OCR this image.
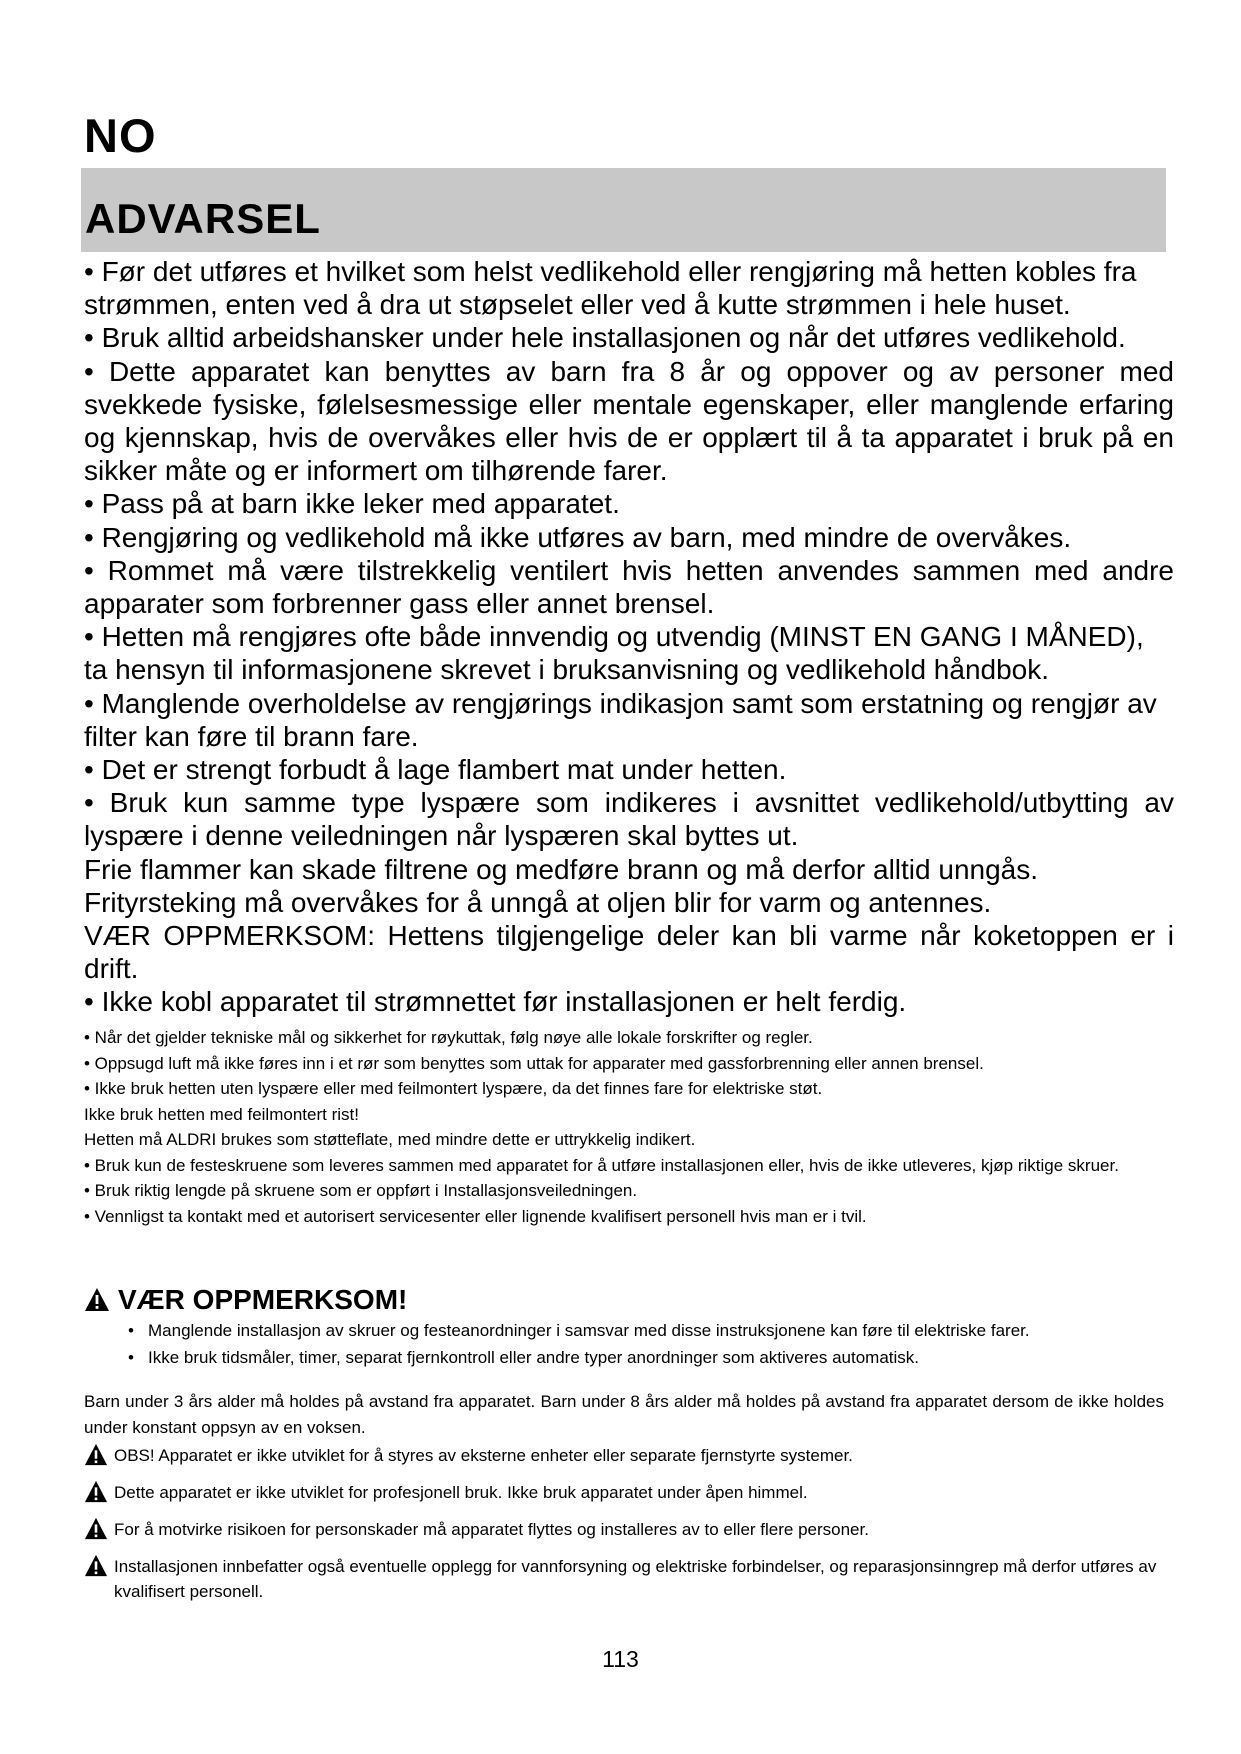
NO
ADVARSEL

• Før det utføres et hvilket som helst vedlikehold eller rengjøring må hetten kobles fra strømmen, enten ved å dra ut støpselet eller ved å kutte strømmen i hele huset.

• Bruk alltid arbeidshansker under hele installasjonen og når det utføres vedlikehold.

• Dette apparatet kan benyttes av barn fra 8 år og oppover og av personer med svekkede fysiske, følelsesmessige eller mentale egenskaper, eller manglende erfaring og kjennskap, hvis de overvåkes eller hvis de er opplært til å ta apparatet i bruk på en sikker måte og er informert om tilhørende farer.

• Pass på at barn ikke leker med apparatet.

• Rengjøring og vedlikehold må ikke utføres av barn, med mindre de overvåkes.

• Rommet må være tilstrekkelig ventilert hvis hetten anvendes sammen med andre apparater som forbrenner gass eller annet brensel.

• Hetten må rengjøres ofte både innvendig og utvendig (MINST EN GANG I MÅNED), ta hensyn til informasjonene skrevet i bruksanvisning og vedlikehold håndbok.

• Manglende overholdelse av rengjørings indikasjon samt som erstatning og rengjør av filter kan føre til brann fare.

• Det er strengt forbudt å lage flambert mat under hetten.

• Bruk kun samme type lyspære som indikeres i avsnittet vedlikehold/utbytting av lyspære i denne veiledningen når lyspæren skal byttes ut.

Frie flammer kan skade filtrene og medføre brann og må derfor alltid unngås.

Frityrsteking må overvåkes for å unngå at oljen blir for varm og antennes.

VÆR OPPMERKSOM: Hettens tilgjengelige deler kan bli varme når koketoppen er i drift.

• Ikke kobl apparatet til strømnettet før installasjonen er helt ferdig.

• Når det gjelder tekniske mål og sikkerhet for røykuttak, følg nøye alle lokale forskrifter og regler.

• Oppsugd luft må ikke føres inn i et rør som benyttes som uttak for apparater med gassforbrenning eller annen brensel.

• Ikke bruk hetten uten lyspære eller med feilmontert lyspære, da det finnes fare for elektriske støt.

Ikke bruk hetten med feilmontert rist!

Hetten må ALDRI brukes som støtteflate, med mindre dette er uttrykkelig indikert.

• Bruk kun de festeskruene som leveres sammen med apparatet for å utføre installasjonen eller, hvis de ikke utleveres, kjøp riktige skruer.

• Bruk riktig lengde på skruene som er oppført i Installasjonsveiledningen.

• Vennligst ta kontakt med et autorisert servicesenter eller lignende kvalifisert personell hvis man er i tvil.

VÆR OPPMERKSOM!
• Manglende installasjon av skruer og festeanordninger i samsvar med disse instruksjonene kan føre til elektriske farer.
• Ikke bruk tidsmåler, timer, separat fjernkontroll eller andre typer anordninger som aktiveres automatisk.
Barn under 3 års alder må holdes på avstand fra apparatet. Barn under 8 års alder må holdes på avstand fra apparatet dersom de ikke holdes under konstant oppsyn av en voksen.
OBS! Apparatet er ikke utviklet for å styres av eksterne enheter eller separate fjernstyrte systemer.
Dette apparatet er ikke utviklet for profesjonell bruk. Ikke bruk apparatet under åpen himmel.
For å motvirke risikoen for personskader må apparatet flyttes og installeres av to eller flere personer.
Installasjonen innbefatter også eventuelle opplegg for vannforsyning og elektriske forbindelser, og reparasjonsinngrep må derfor utføres av kvalifisert personell.
113
